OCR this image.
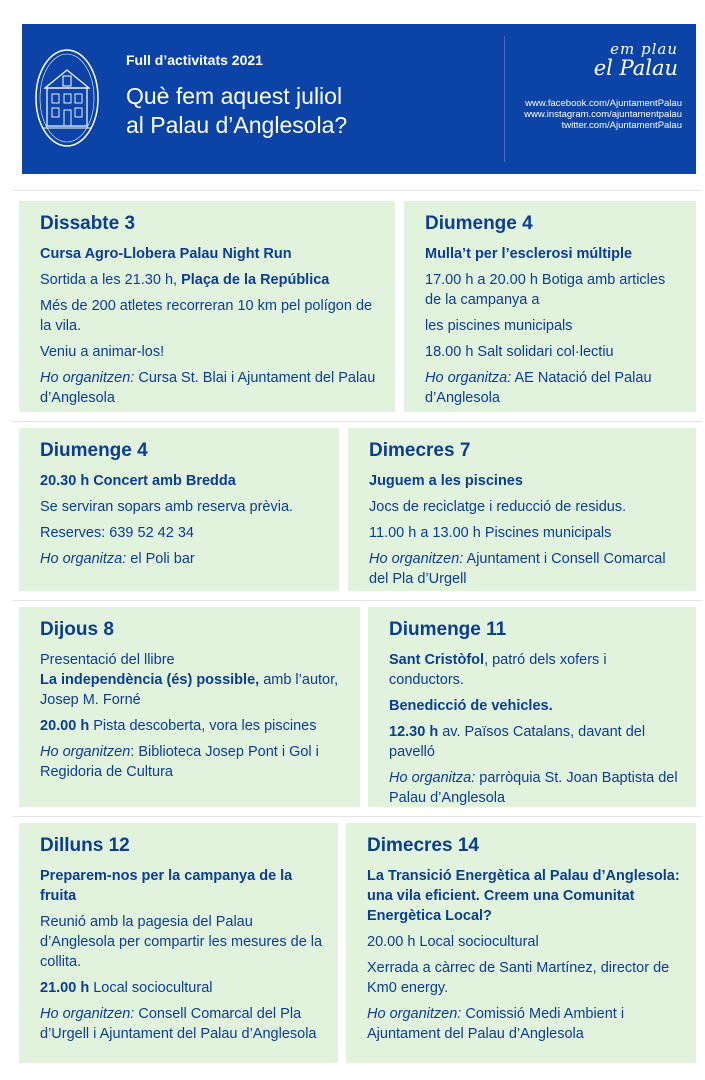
Full d’activitats 2021
Què fem aquest juliol
al Palau d’Anglesola?
em plau
el Palau
www.facebook.com/AjuntamentPalau
www.instagram.com/ajuntamentpalau
twitter.com/AjuntamentPalau
Dissabte 3

Cursa Agro-Llobera Palau Night Run

Sortida a les 21.30 h, Plaça de la República

Més de 200 atletes recorreran 10 km pel polígon de la vila.

Veniu a animar-los!

Ho organitzen: Cursa St. Blai i Ajuntament del Palau d’Anglesola

Diumenge 4

Mulla’t per l’esclerosi múltiple

17.00 h a 20.00 h Botiga amb articles de la campanya a

les piscines municipals

18.00 h Salt solidari col·lectiu

Ho organitza: AE Natació del Palau d’Anglesola

Diumenge 4

20.30 h Concert amb Bredda

Se serviran sopars amb reserva prèvia.

Reserves: 639 52 42 34

Ho organitza: el Poli bar

Dimecres 7

Juguem a les piscines

Jocs de reciclatge i reducció de residus.

11.00 h a 13.00 h Piscines municipals

Ho organitzen: Ajuntament i Consell Comarcal del Pla d’Urgell

Dijous 8

Presentació del llibre
La independència (és) possible, amb l’autor, Josep M. Forné

20.00 h Pista descoberta, vora les piscines

Ho organitzen: Biblioteca Josep Pont i Gol i Regidoria de Cultura

Diumenge 11

Sant Cristòfol, patró dels xofers i conductors.

Benedicció de vehicles.

12.30 h av. Països Catalans, davant del pavelló

Ho organitza: parròquia St. Joan Baptista del Palau d’Anglesola

Dilluns 12

Preparem-nos per la campanya de la fruita

Reunió amb la pagesia del Palau d’Anglesola per compartir les mesures de la collita.

21.00 h Local sociocultural

Ho organitzen: Consell Comarcal del Pla d’Urgell i Ajuntament del Palau d’Anglesola

Dimecres 14

La Transició Energètica al Palau d’Anglesola: una vila eficient. Creem una Comunitat Energètica Local?

20.00 h Local sociocultural

Xerrada a càrrec de Santi Martínez, director de Km0 energy.

Ho organitzen: Comissió Medi Ambient i Ajuntament del Palau d’Anglesola
